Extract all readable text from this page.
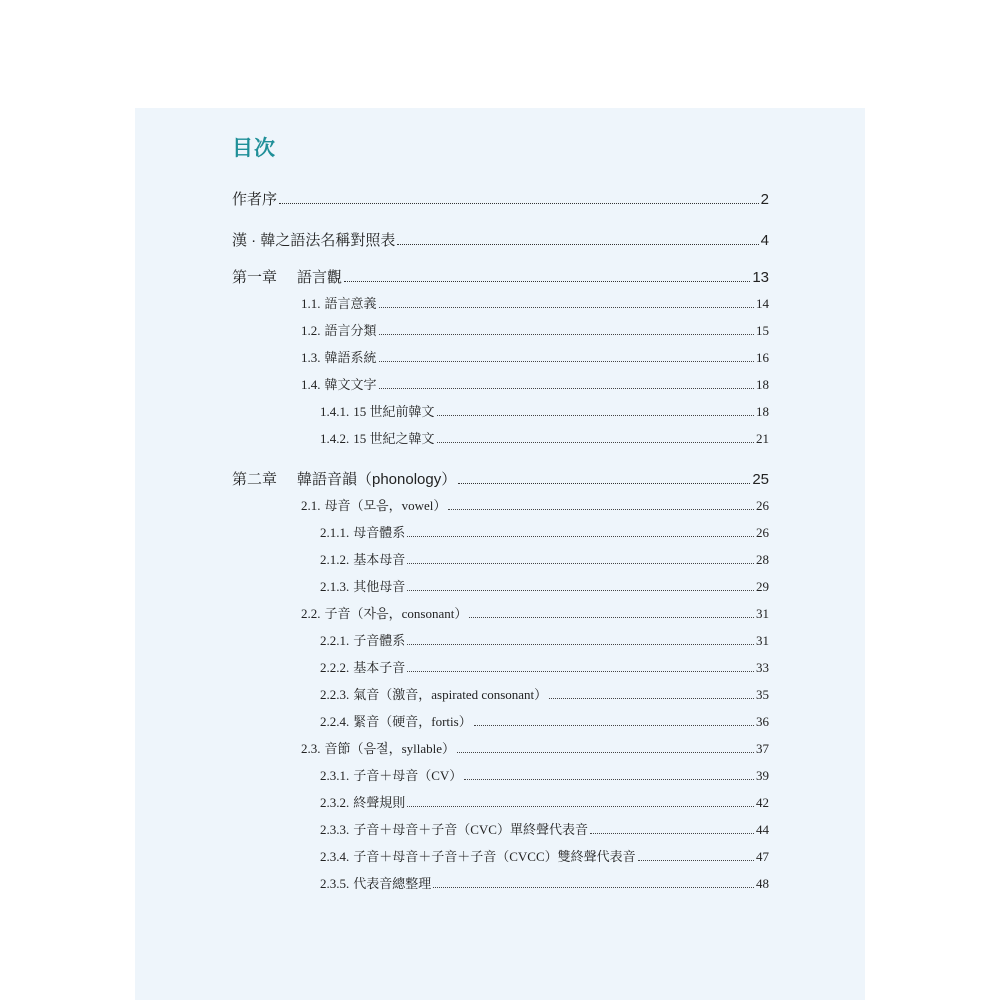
目次
作者序	2
漢 · 韓之語法名稱對照表	4
第一章	語言觀	13
1.1. 語言意義	14
1.2. 語言分類	15
1.3. 韓語系統	16
1.4. 韓文文字	18
1.4.1. 15 世紀前韓文	18
1.4.2. 15 世紀之韓文	21
第二章	韓語音韻（phonology）	25
2.1. 母音（모음，vowel）	26
2.1.1. 母音體系	26
2.1.2. 基本母音	28
2.1.3. 其他母音	29
2.2. 子音（자음，consonant）	31
2.2.1. 子音體系	31
2.2.2. 基本子音	33
2.2.3. 氣音（激音，aspirated consonant）	35
2.2.4. 緊音（硬音，fortis）	36
2.3. 音節（음절，syllable）	37
2.3.1. 子音＋母音（CV）	39
2.3.2. 終聲規則	42
2.3.3. 子音＋母音＋子音（CVC）單終聲代表音	44
2.3.4. 子音＋母音＋子音＋子音（CVCC）雙終聲代表音	47
2.3.5. 代表音總整理	48
